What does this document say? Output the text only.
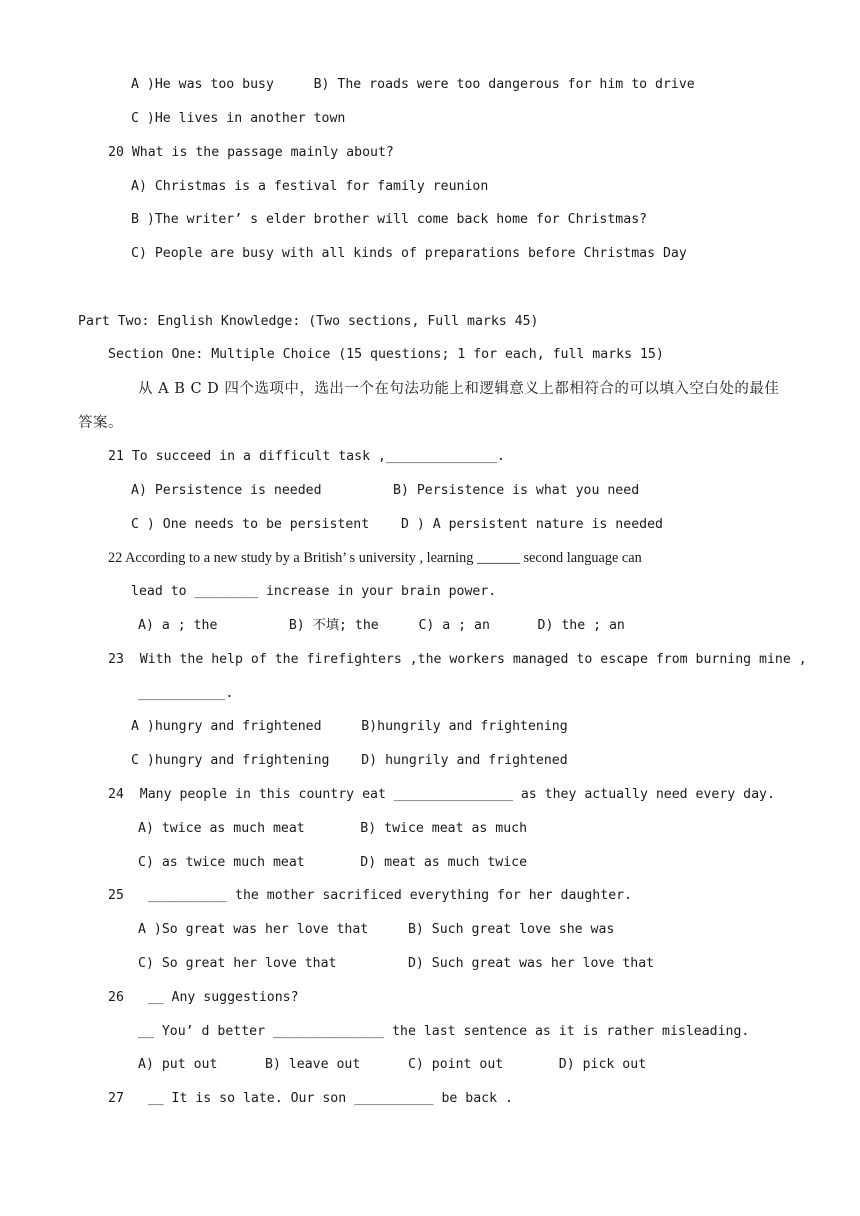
A )He was too busy     B) The roads were too dangerous for him to drive

C )He lives in another town

20 What is the passage mainly about?

A) Christmas is a festival for family reunion

B )The writer’ s elder brother will come back home for Christmas?

C) People are busy with all kinds of preparations before Christmas Day

Part Two: English Knowledge: (Two sections, Full marks 45)

Section One: Multiple Choice (15 questions; 1 for each, full marks 15)

从 A B C D 四个选项中，选出一个在句法功能上和逻辑意义上都相符合的可以填入空白处的最佳

答案。

21 To succeed in a difficult task ,______________.

A) Persistence is needed         B) Persistence is what you need

C ) One needs to be persistent    D ) A persistent nature is needed

22 According to a new study by a British’ s university , learning ______ second language can

lead to ________ increase in your brain power.

A) a ; the         B) 不填; the     C) a ; an      D) the ; an

23  With the help of the firefighters ,the workers managed to escape from burning mine ,

___________.

A )hungry and frightened     B)hungrily and frightening

C )hungry and frightening    D) hungrily and frightened

24  Many people in this country eat _______________ as they actually need every day.

A) twice as much meat       B) twice meat as much

C) as twice much meat       D) meat as much twice

25   __________ the mother sacrificed everything for her daughter.

A )So great was her love that     B) Such great love she was

C) So great her love that         D) Such great was her love that

26   __ Any suggestions?

__ You’ d better ______________ the last sentence as it is rather misleading.

A) put out      B) leave out      C) point out       D) pick out

27   __ It is so late. Our son __________ be back .
